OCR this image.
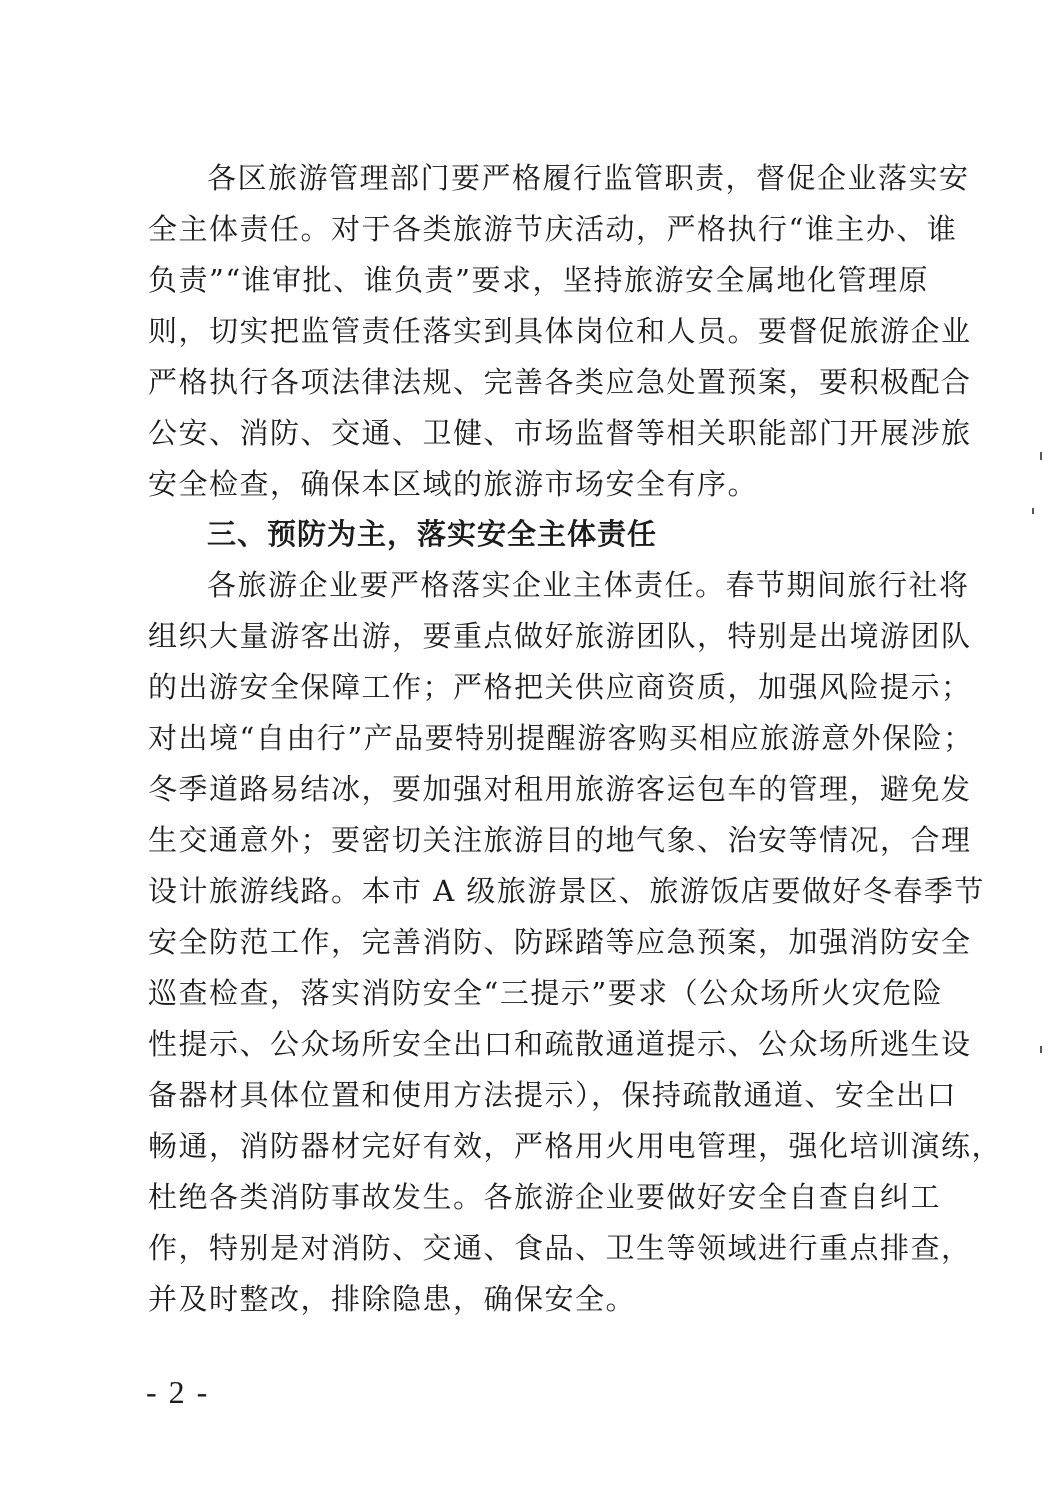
各区旅游管理部门要严格履行监管职责，督促企业落实安
全主体责任。对于各类旅游节庆活动，严格执行“谁主办、谁
负责”“谁审批、谁负责”要求，坚持旅游安全属地化管理原
则，切实把监管责任落实到具体岗位和人员。要督促旅游企业
严格执行各项法律法规、完善各类应急处置预案，要积极配合
公安、消防、交通、卫健、市场监督等相关职能部门开展涉旅
安全检查，确保本区域的旅游市场安全有序。
三、预防为主，落实安全主体责任
各旅游企业要严格落实企业主体责任。春节期间旅行社将
组织大量游客出游，要重点做好旅游团队，特别是出境游团队
的出游安全保障工作；严格把关供应商资质，加强风险提示；
对出境“自由行”产品要特别提醒游客购买相应旅游意外保险；
冬季道路易结冰，要加强对租用旅游客运包车的管理，避免发
生交通意外；要密切关注旅游目的地气象、治安等情况，合理
设计旅游线路。本市 A 级旅游景区、旅游饭店要做好冬春季节
安全防范工作，完善消防、防踩踏等应急预案，加强消防安全
巡查检查，落实消防安全“三提示”要求（公众场所火灾危险
性提示、公众场所安全出口和疏散通道提示、公众场所逃生设
备器材具体位置和使用方法提示），保持疏散通道、安全出口
畅通，消防器材完好有效，严格用火用电管理，强化培训演练，
杜绝各类消防事故发生。各旅游企业要做好安全自查自纠工
作，特别是对消防、交通、食品、卫生等领域进行重点排查，
并及时整改，排除隐患，确保安全。
- 2 -
